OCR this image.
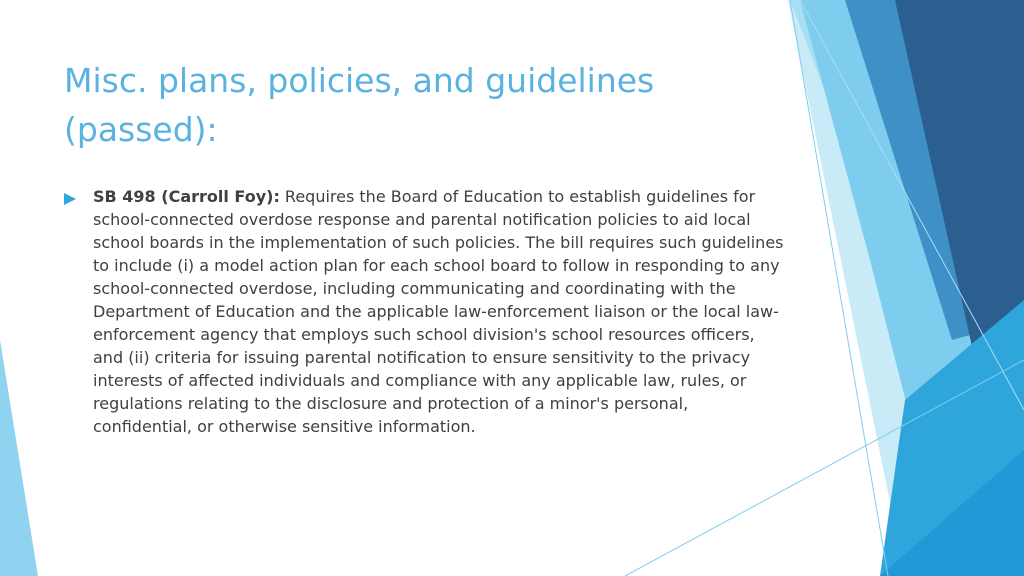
Misc. plans, policies, and guidelines (passed):
SB 498 (Carroll Foy): Requires the Board of Education to establish guidelines for school-connected overdose response and parental notification policies to aid local school boards in the implementation of such policies. The bill requires such guidelines to include (i) a model action plan for each school board to follow in responding to any school-connected overdose, including communicating and coordinating with the Department of Education and the applicable law-enforcement liaison or the local law-enforcement agency that employs such school division's school resources officers, and (ii) criteria for issuing parental notification to ensure sensitivity to the privacy interests of affected individuals and compliance with any applicable law, rules, or regulations relating to the disclosure and protection of a minor's personal, confidential, or otherwise sensitive information.
